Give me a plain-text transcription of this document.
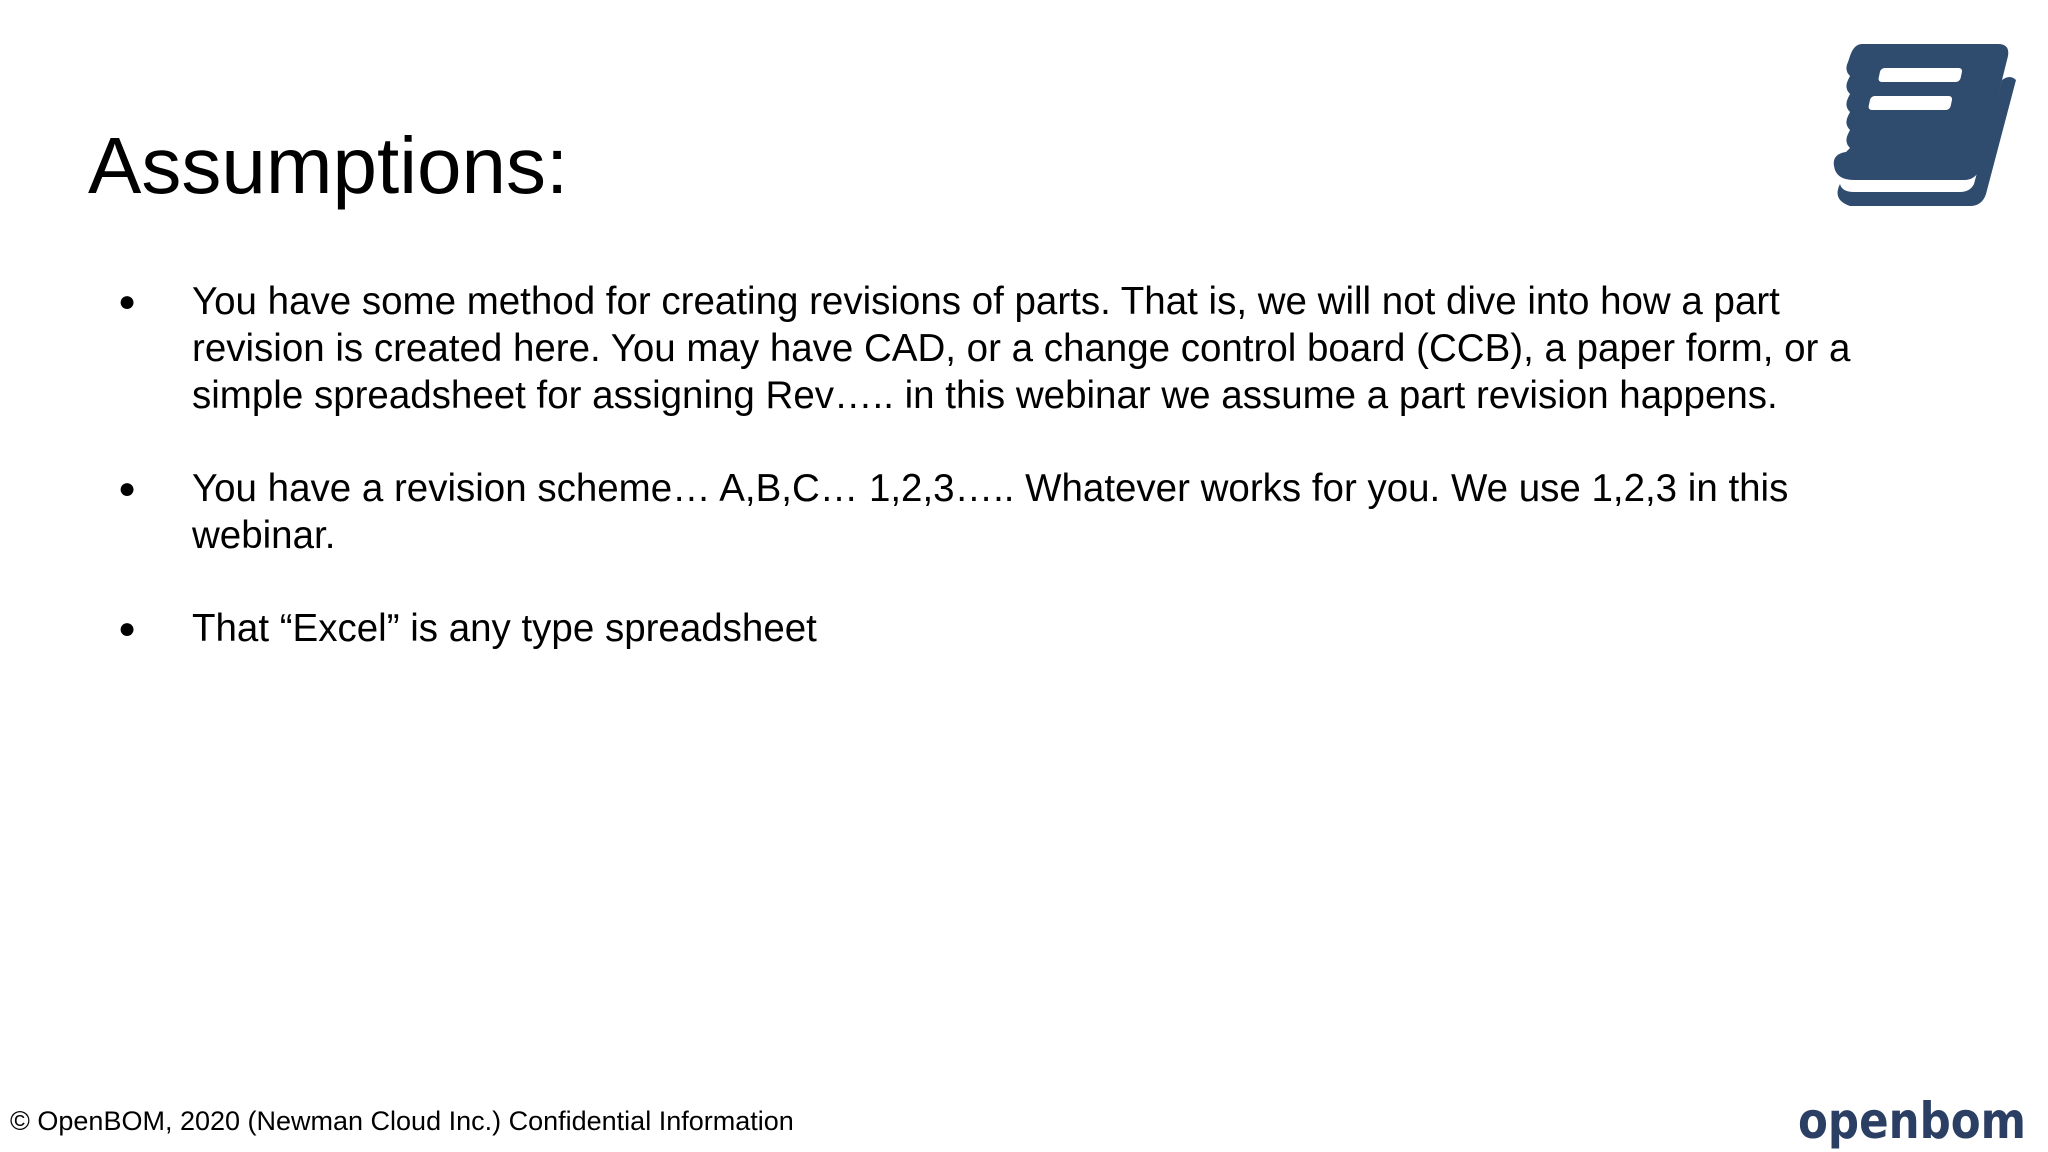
Assumptions:
● You have some method for creating revisions of parts. That is, we will not dive into how a part
revision is created here. You may have CAD, or a change control board (CCB), a paper form, or a
simple spreadsheet for assigning Rev….. in this webinar we assume a part revision happens.
● You have a revision scheme… A,B,C… 1,2,3….. Whatever works for you. We use 1,2,3 in this
webinar.
● That “Excel” is any type spreadsheet
© OpenBOM, 2020 (Newman Cloud Inc.) Confidential Information	openbom
